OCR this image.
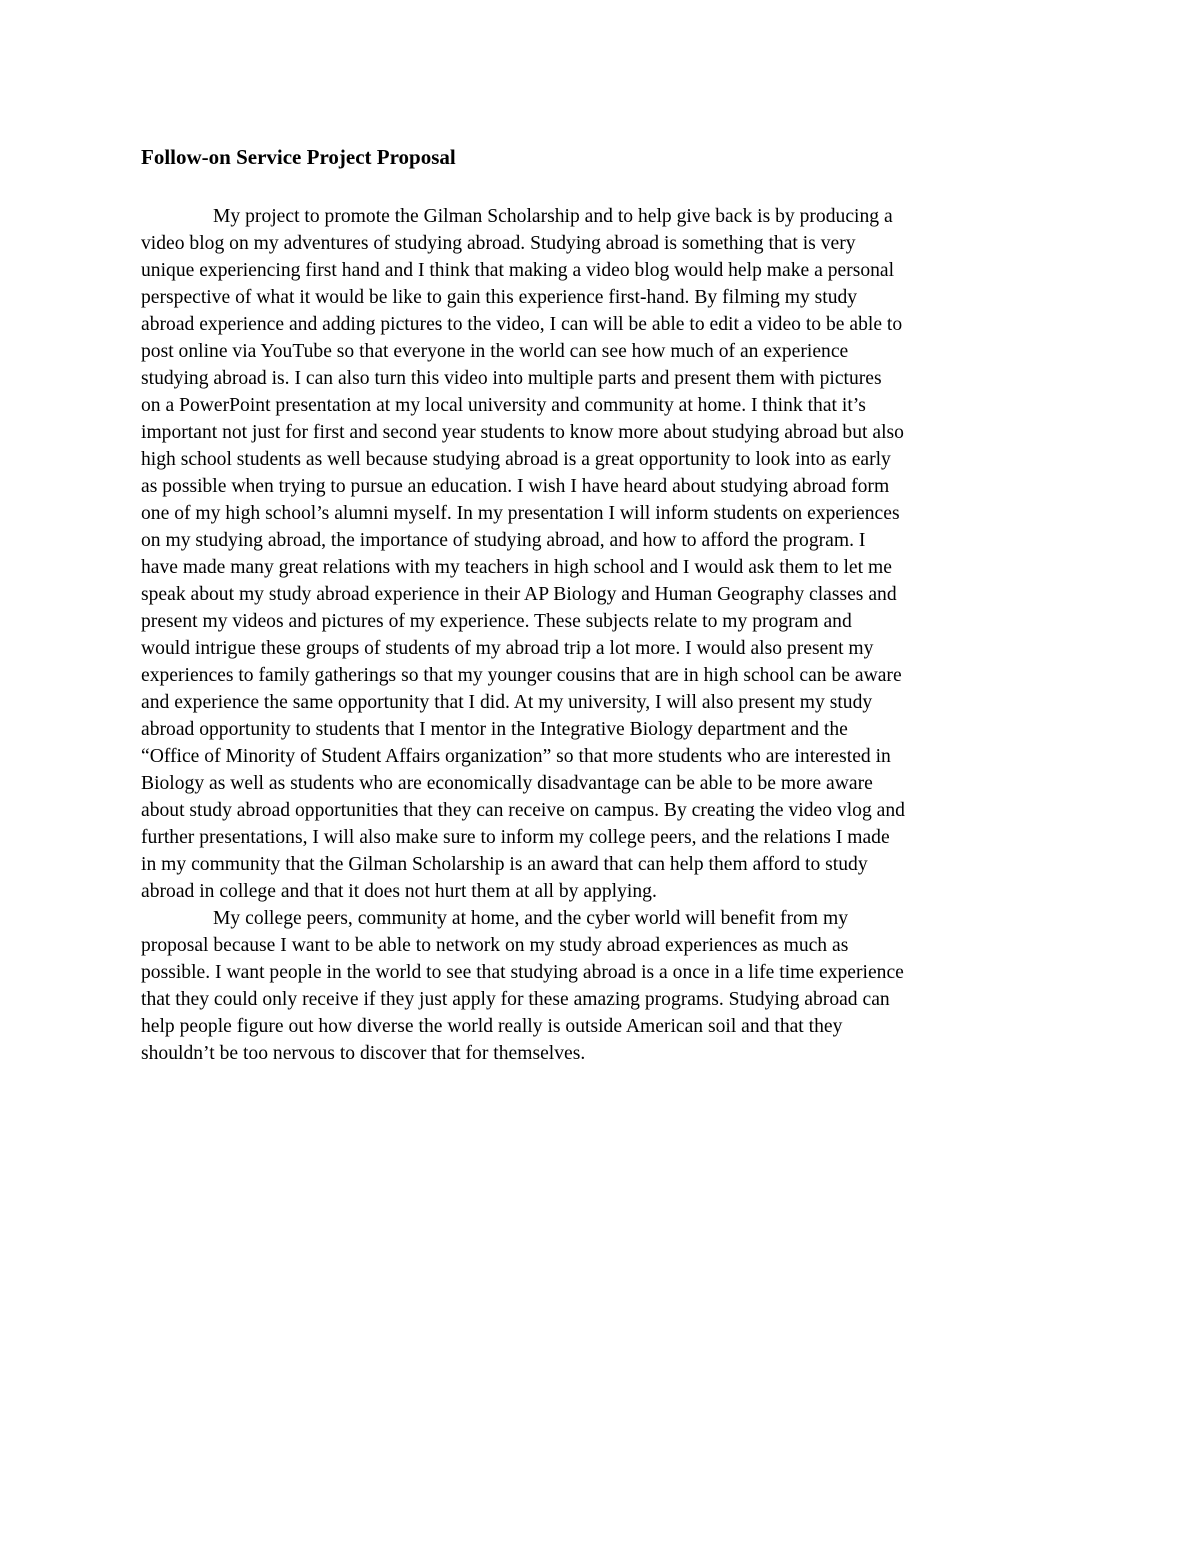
Follow-on Service Project Proposal
My project to promote the Gilman Scholarship and to help give back is by producing a
video blog on my adventures of studying abroad. Studying abroad is something that is very
unique experiencing first hand and I think that making a video blog would help make a personal
perspective of what it would be like to gain this experience first-hand. By filming my study
abroad experience and adding pictures to the video, I can will be able to edit a video to be able to
post online via YouTube so that everyone in the world can see how much of an experience
studying abroad is. I can also turn this video into multiple parts and present them with pictures
on a PowerPoint presentation at my local university and community at home. I think that it’s
important not just for first and second year students to know more about studying abroad but also
high school students as well because studying abroad is a great opportunity to look into as early
as possible when trying to pursue an education. I wish I have heard about studying abroad form
one of my high school’s alumni myself. In my presentation I will inform students on experiences
on my studying abroad, the importance of studying abroad, and how to afford the program. I
have made many great relations with my teachers in high school and I would ask them to let me
speak about my study abroad experience in their AP Biology and Human Geography classes and
present my videos and pictures of my experience. These subjects relate to my program and
would intrigue these groups of students of my abroad trip a lot more. I would also present my
experiences to family gatherings so that my younger cousins that are in high school can be aware
and experience the same opportunity that I did. At my university, I will also present my study
abroad opportunity to students that I mentor in the Integrative Biology department and the
“Office of Minority of Student Affairs organization” so that more students who are interested in
Biology as well as students who are economically disadvantage can be able to be more aware
about study abroad opportunities that they can receive on campus. By creating the video vlog and
further presentations, I will also make sure to inform my college peers, and the relations I made
in my community that the Gilman Scholarship is an award that can help them afford to study
abroad in college and that it does not hurt them at all by applying.
My college peers, community at home, and the cyber world will benefit from my
proposal because I want to be able to network on my study abroad experiences as much as
possible. I want people in the world to see that studying abroad is a once in a life time experience
that they could only receive if they just apply for these amazing programs. Studying abroad can
help people figure out how diverse the world really is outside American soil and that they
shouldn’t be too nervous to discover that for themselves.
